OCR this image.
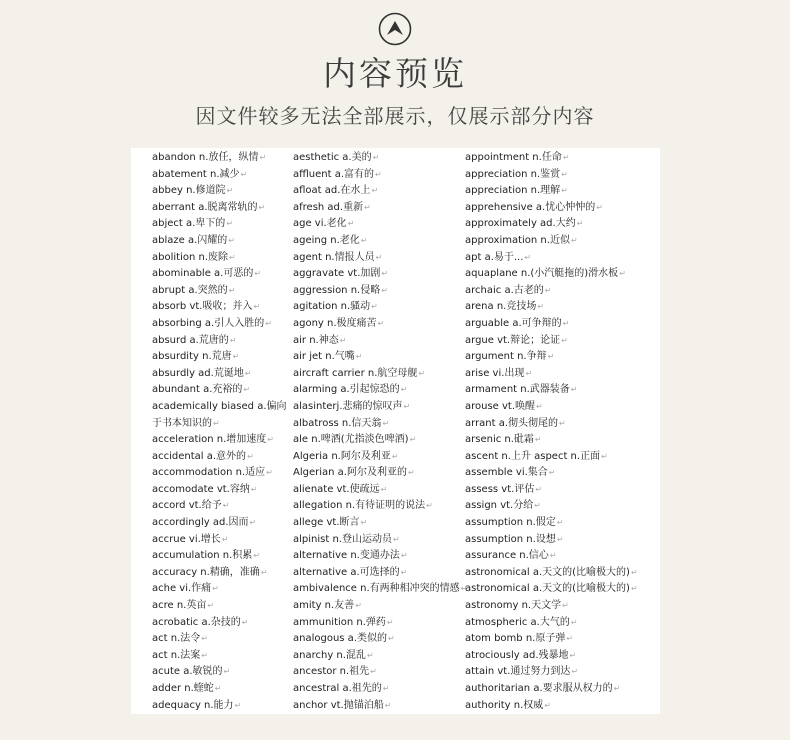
内容预览
因文件较多无法全部展示，仅展示部分内容
abandon n.放任，纵情 ↵
abatement n.减少 ↵
abbey n.修道院 ↵
aberrant a.脱离常轨的 ↵
abject a.卑下的 ↵
ablaze a.闪耀的 ↵
abolition n.废除 ↵
abominable a.可恶的 ↵
abrupt a.突然的 ↵
absorb vt.吸收；并入 ↵
absorbing a.引人入胜的 ↵
absurd a.荒唐的 ↵
absurdity n.荒唐 ↵
absurdly ad.荒诞地 ↵
abundant a.充裕的 ↵
academically biased a.偏向于书本知识的 ↵
acceleration n.增加速度 ↵
accidental a.意外的 ↵
accommodation n.适应 ↵
accomodate vt.容纳 ↵
accord vt.给予 ↵
accordingly ad.因而 ↵
accrue vi.增长 ↵
accumulation n.积累 ↵
accuracy n.精确，准确 ↵
ache vi.作痛 ↵
acre n.英亩 ↵
acrobatic a.杂技的 ↵
act n.法令 ↵
act n.法案 ↵
acute a.敏锐的 ↵
adder n.蝰蛇 ↵
adequacy n.能力 ↵
aesthetic a.美的 ↵
affluent a.富有的 ↵
afloat ad.在水上 ↵
afresh ad.重新 ↵
age vi.老化 ↵
ageing n.老化 ↵
agent n.情报人员 ↵
aggravate vt.加剧 ↵
aggression n.侵略 ↵
agitation n.骚动 ↵
agony n.极度痛苦 ↵
air n.神态 ↵
air jet n.气嘴 ↵
aircraft carrier n.航空母舰 ↵
alarming a.引起惊恐的 ↵
alasinterj.悲痛的惊叹声 ↵
albatross n.信天翁 ↵
ale n.啤酒(尤指淡色啤酒) ↵
Algeria n.阿尔及利亚 ↵
Algerian a.阿尔及利亚的 ↵
alienate vt.使疏远 ↵
allegation n.有待证明的说法 ↵
allege vt.断言 ↵
alpinist n.登山运动员 ↵
alternative n.变通办法 ↵
alternative a.可选择的 ↵
ambivalence n.有两种相冲突的情感 ↵
amity n.友善 ↵
ammunition n.弹药 ↵
analogous a.类似的 ↵
anarchy n.混乱 ↵
ancestor n.祖先 ↵
ancestral a.祖先的 ↵
anchor vt.抛锚泊船 ↵
appointment n.任命 ↵
appreciation n.鉴赏 ↵
appreciation n.理解 ↵
apprehensive a.忧心忡忡的 ↵
approximately ad.大约 ↵
approximation n.近似 ↵
apt a.易于... ↵
aquaplane n.(小汽艇拖的)滑水板 ↵
archaic a.古老的 ↵
arena n.竞技场 ↵
arguable a.可争辩的 ↵
argue vt.辩论；论证 ↵
argument n.争辩 ↵
arise vi.出现 ↵
armament n.武器装备 ↵
arouse vt.唤醒 ↵
arrant a.彻头彻尾的 ↵
arsenic n.砒霜 ↵
ascent n.上升 aspect n.正面 ↵
assemble vi.集合 ↵
assess vt.评估 ↵
assign vt.分给 ↵
assumption n.假定 ↵
assumption n.设想 ↵
assurance n.信心 ↵
astronomical a.天文的(比喻极大的) ↵
astronomical a.天文的(比喻极大的) ↵
astronomy n.天文学 ↵
atmospheric a.大气的 ↵
atom bomb n.原子弹 ↵
atrociously ad.残暴地 ↵
attain vt.通过努力到达 ↵
authoritarian a.要求服从权力的 ↵
authority n.权威 ↵
